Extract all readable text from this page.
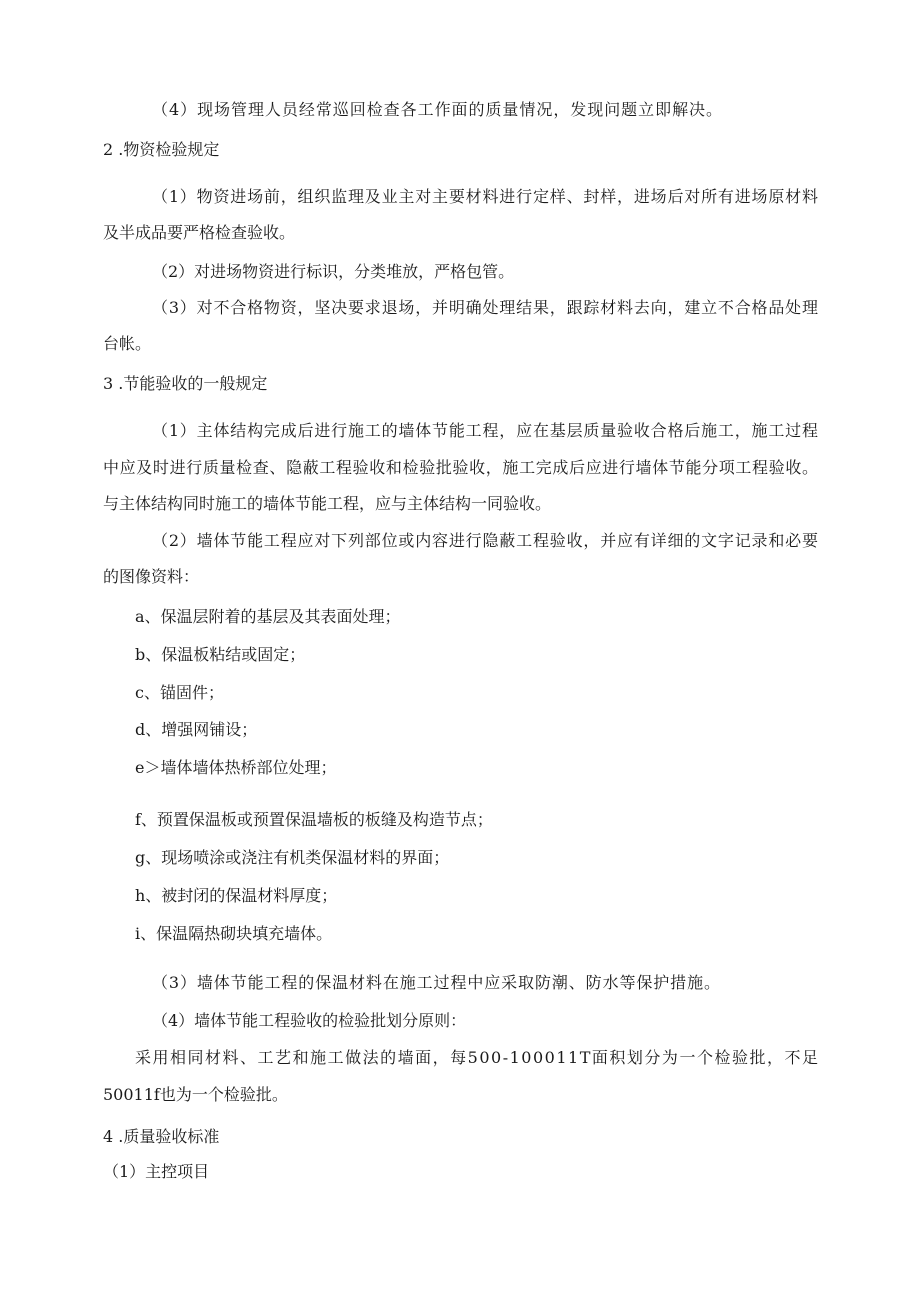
（4）现场管理人员经常巡回检查各工作面的质量情况，发现问题立即解决。

2 .物资检验规定

（1）物资进场前，组织监理及业主对主要材料进行定样、封样，进场后对所有进场原材料

及半成品要严格检查验收。

（2）对进场物资进行标识，分类堆放，严格包管。

（3）对不合格物资，坚决要求退场，并明确处理结果，跟踪材料去向，建立不合格品处理

台帐。

3 .节能验收的一般规定

（1）主体结构完成后进行施工的墙体节能工程，应在基层质量验收合格后施工，施工过程

中应及时进行质量检查、隐蔽工程验收和检验批验收，施工完成后应进行墙体节能分项工程验收。

与主体结构同时施工的墙体节能工程，应与主体结构一同验收。

（2）墙体节能工程应对下列部位或内容进行隐蔽工程验收，并应有详细的文字记录和必要

的图像资料：

a、保温层附着的基层及其表面处理；

b、保温板粘结或固定；

c、锚固件；

d、增强网铺设；

e＞墙体墙体热桥部位处理；

f、预置保温板或预置保温墙板的板缝及构造节点；

g、现场喷涂或浇注有机类保温材料的界面；

h、被封闭的保温材料厚度；

i、保温隔热砌块填充墙体。

（3）墙体节能工程的保温材料在施工过程中应采取防潮、防水等保护措施。

（4）墙体节能工程验收的检验批划分原则：

采用相同材料、工艺和施工做法的墙面，每500-100011T面积划分为一个检验批，不足

50011f也为一个检验批。

4 .质量验收标准

（1）主控项目
